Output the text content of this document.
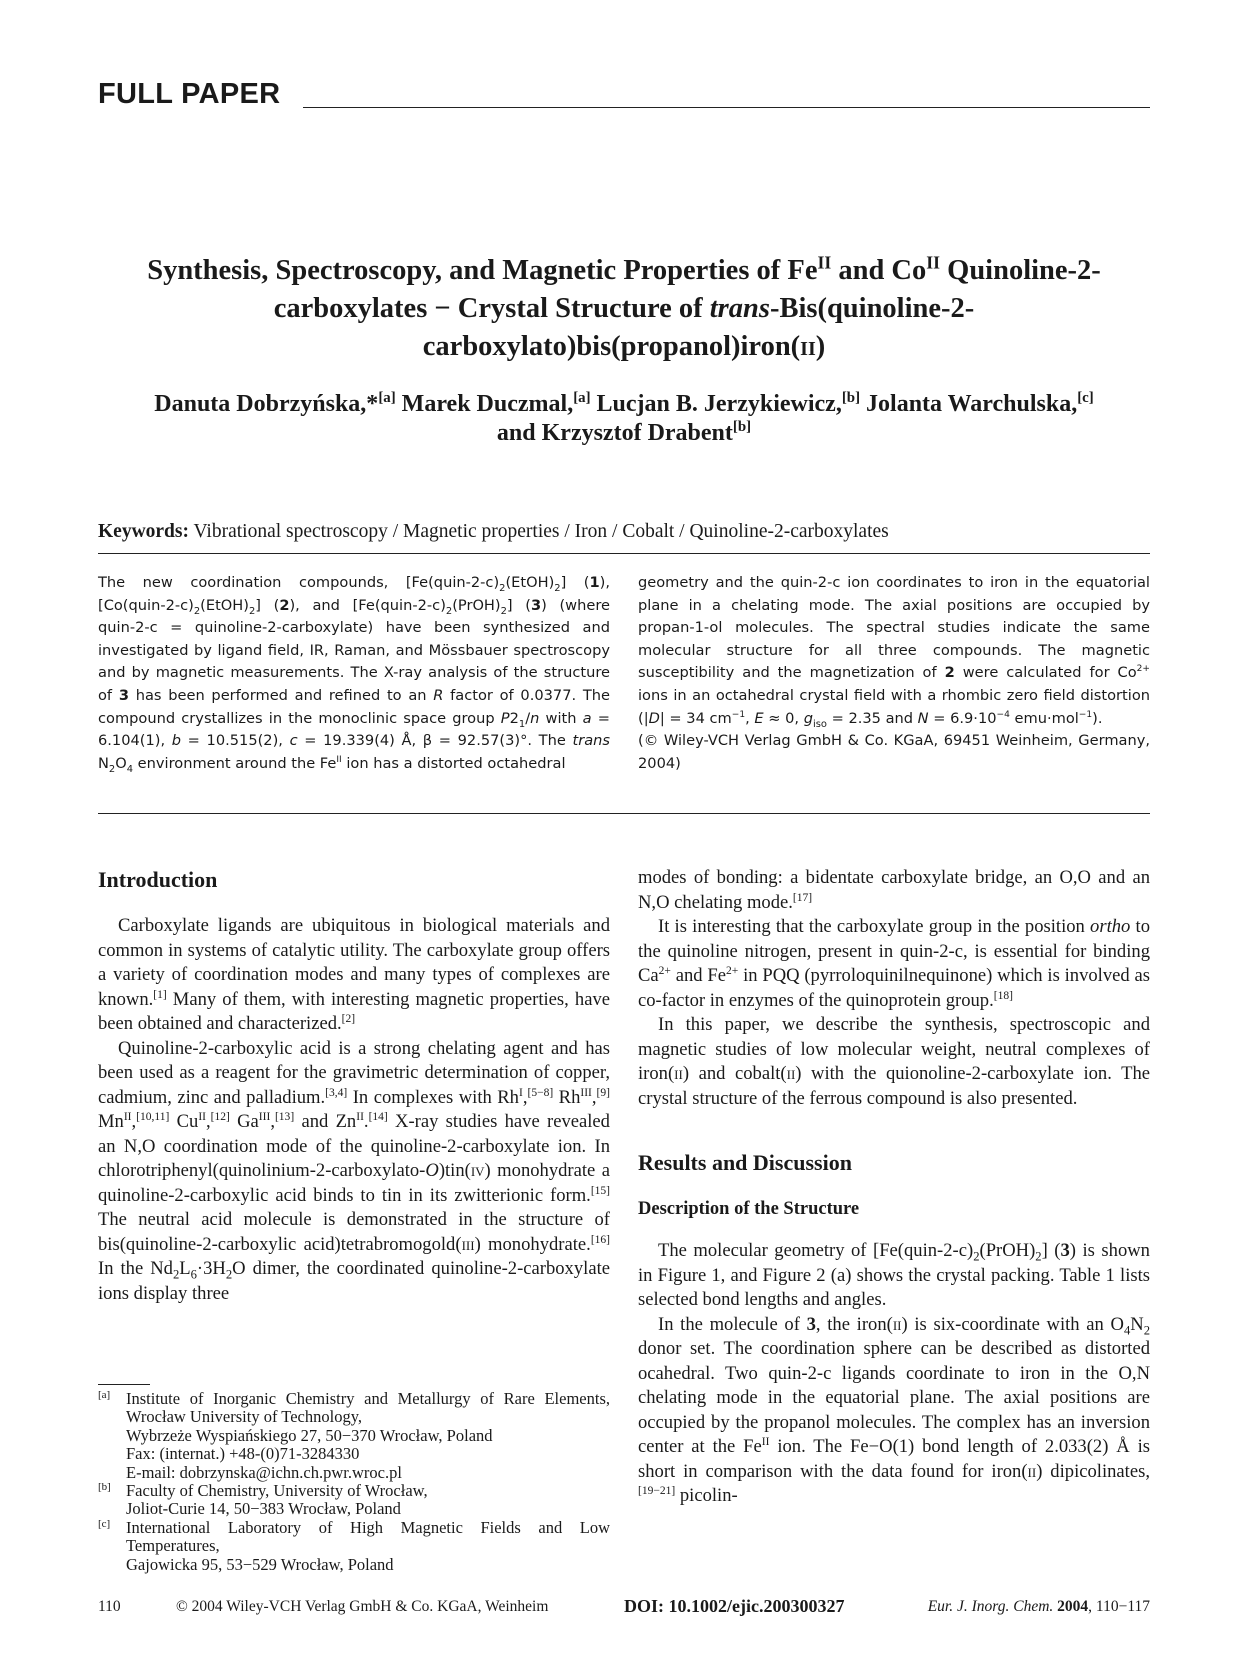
FULL PAPER
Synthesis, Spectroscopy, and Magnetic Properties of $Fe^{II}$ and $Co^{II}$ Quinoline-2-
carboxylates − Crystal Structure of trans-Bis(quinoline-2-
carboxylato)bis(propanol)iron(ii)
Danuta Dobrzyńska,*[a] Marek Duczmal,[a] Lucjan B. Jerzykiewicz,[b] Jolanta Warchulska,[c]
and Krzysztof Drabent[b]
Keywords: Vibrational spectroscopy / Magnetic properties / Iron / Cobalt / Quinoline-2-carboxylates
The new coordination compounds, $[Fe(quin-2-c)_2(EtOH)_2]$ (1), $[Co(quin-2-c)_2(EtOH)_2]$ (2), and $[Fe(quin-2-c)_2(PrOH)_2]$ (3) (where quin-2-c = quinoline-2-carboxylate) have been synthesized and investigated by ligand field, IR, Raman, and Mössbauer spectroscopy and by magnetic measurements. The X-ray analysis of the structure of 3 has been performed and refined to an R factor of 0.0377. The compound crystallizes in the monoclinic space group $P2_1/n$ with a = 6.104(1), b = 10.515(2), c = 19.339(4) Å, β = 92.57(3)°. The trans $N_2O_4$ environment around the $Fe^{II}$ ion has a distorted octahedral
geometry and the quin-2-c ion coordinates to iron in the equatorial plane in a chelating mode. The axial positions are occupied by propan-1-ol molecules. The spectral studies indicate the same molecular structure for all three compounds. The magnetic susceptibility and the magnetization of 2 were calculated for $Co^{2+}$ ions in an octahedral crystal field with a rhombic zero field distortion (|D| = 34 $cm^{-1}$, E ≈ 0, $g_{iso} = 2.35$ and $N = 6.9\cdot 10^{-4}$ emu·mol$^{-1}$).
(© Wiley-VCH Verlag GmbH & Co. KGaA, 69451 Weinheim, Germany, 2004)
Introduction

Carboxylate ligands are ubiquitous in biological materials and common in systems of catalytic utility. The carboxylate group offers a variety of coordination modes and many types of complexes are known.[1] Many of them, with interesting magnetic properties, have been obtained and characterized.[2]

Quinoline-2-carboxylic acid is a strong chelating agent and has been used as a reagent for the gravimetric determination of copper, cadmium, zinc and palladium.[3,4] In complexes with $Rh^I,[5-8]$ $Rh^{III},[9]$ $Mn^{II},[10,11]$ $Cu^{II},[12]$ $Ga^{III},[13]$ and $Zn^{II}.[14]$ X-ray studies have revealed an N,O coordination mode of the quinoline-2-carboxylate ion. In chlorotriphenyl(quinolinium-2-carboxylato-O)tin(iv) monohydrate a quinoline-2-carboxylic acid binds to tin in its zwitterionic form.[15] The neutral acid molecule is demonstrated in the structure of bis(quinoline-2-carboxylic acid)tetrabromogold(iii) monohydrate.[16] In the $Nd_2L_6\cdot 3H_2O$ dimer, the coordinated quinoline-2-carboxylate ions display three

modes of bonding: a bidentate carboxylate bridge, an O,O and an N,O chelating mode.[17]

It is interesting that the carboxylate group in the position ortho to the quinoline nitrogen, present in quin-2-c, is essential for binding $Ca^{2+}$ and $Fe^{2+}$ in PQQ (pyrroloquinilnequinone) which is involved as co-factor in enzymes of the quinoprotein group.[18]

In this paper, we describe the synthesis, spectroscopic and magnetic studies of low molecular weight, neutral complexes of iron(ii) and cobalt(ii) with the quionoline-2-carboxylate ion. The crystal structure of the ferrous compound is also presented.

Results and Discussion
Description of the Structure

The molecular geometry of $[Fe(quin-2-c)_2(PrOH)_2]$ (3) is shown in Figure 1, and Figure 2 (a) shows the crystal packing. Table 1 lists selected bond lengths and angles.

In the molecule of 3, the iron(ii) is six-coordinate with an $O_4N_2$ donor set. The coordination sphere can be described as distorted ocahedral. Two quin-2-c ligands coordinate to iron in the O,N chelating mode in the equatorial plane. The axial positions are occupied by the propanol molecules. The complex has an inversion center at the $Fe^{II}$ ion. The Fe−O(1) bond length of 2.033(2) Å is short in comparison with the data found for iron(ii) dipicolinates,[19−21] picolin-

[a] Institute of Inorganic Chemistry and Metallurgy of Rare Elements, Wrocław University of Technology,
Wybrzeże Wyspiańskiego 27, 50−370 Wrocław, Poland
Fax: (internat.) +48-(0)71-3284330
E-mail: dobrzynska@ichn.ch.pwr.wroc.pl
[b] Faculty of Chemistry, University of Wrocław,
Joliot-Curie 14, 50−383 Wrocław, Poland
[c] International Laboratory of High Magnetic Fields and Low Temperatures,
Gajowicka 95, 53−529 Wrocław, Poland
110	© 2004 Wiley-VCH Verlag GmbH & Co. KGaA, Weinheim	DOI: 10.1002/ejic.200300327	Eur. J. Inorg. Chem. 2004, 110−117
